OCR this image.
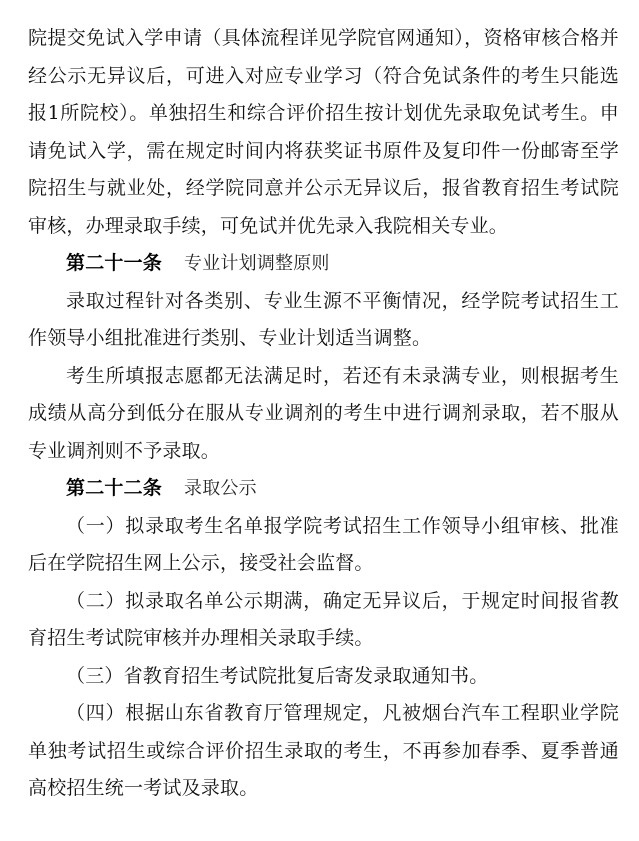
院提交免试入学申请（具体流程详见学院官网通知），资格审核合格并经公示无异议后，可进入对应专业学习（符合免试条件的考生只能选报1所院校）。单独招生和综合评价招生按计划优先录取免试考生。申请免试入学，需在规定时间内将获奖证书原件及复印件一份邮寄至学院招生与就业处，经学院同意并公示无异议后，报省教育招生考试院审核，办理录取手续，可免试并优先录入我院相关专业。

第二十一条 专业计划调整原则

录取过程针对各类别、专业生源不平衡情况，经学院考试招生工作领导小组批准进行类别、专业计划适当调整。

考生所填报志愿都无法满足时，若还有未录满专业，则根据考生成绩从高分到低分在服从专业调剂的考生中进行调剂录取，若不服从专业调剂则不予录取。

第二十二条 录取公示

（一）拟录取考生名单报学院考试招生工作领导小组审核、批准后在学院招生网上公示，接受社会监督。

（二）拟录取名单公示期满，确定无异议后，于规定时间报省教育招生考试院审核并办理相关录取手续。

（三）省教育招生考试院批复后寄发录取通知书。

（四）根据山东省教育厅管理规定，凡被烟台汽车工程职业学院单独考试招生或综合评价招生录取的考生，不再参加春季、夏季普通高校招生统一考试及录取。
